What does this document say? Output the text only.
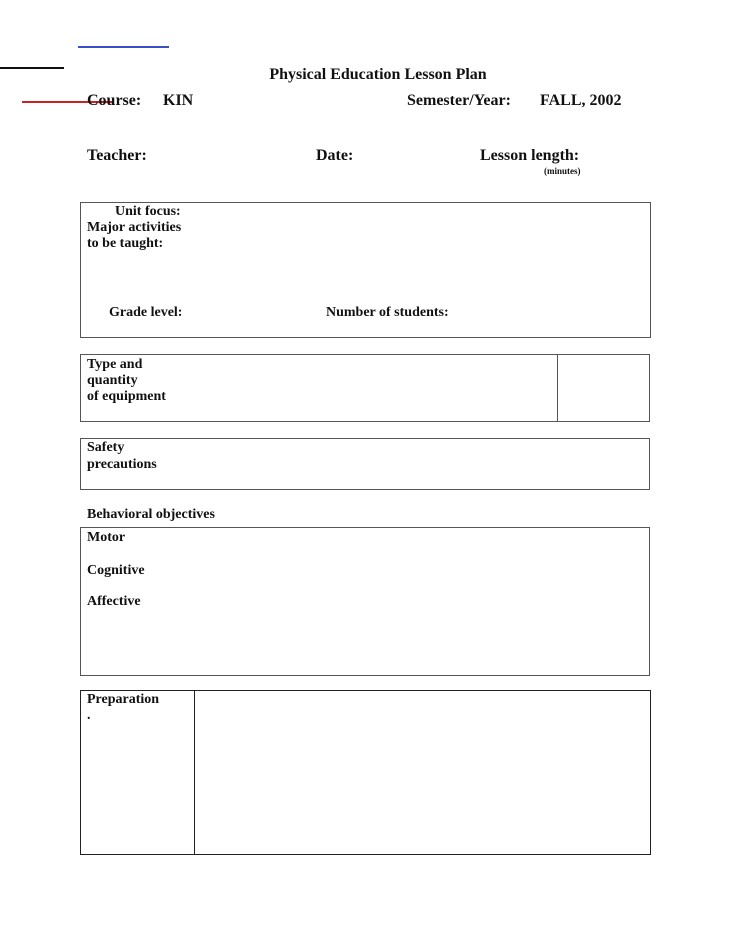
Physical Education Lesson Plan
Course: KIN	Semester/Year: FALL, 2002
Teacher:	Date:	Lesson length:
(minutes)
Unit focus:
Major activities
to be taught:
Grade level:	Number of students:
Type and
quantity
of equipment
Safety
precautions
Behavioral objectives
Motor
Cognitive
Affective
Preparation
.
